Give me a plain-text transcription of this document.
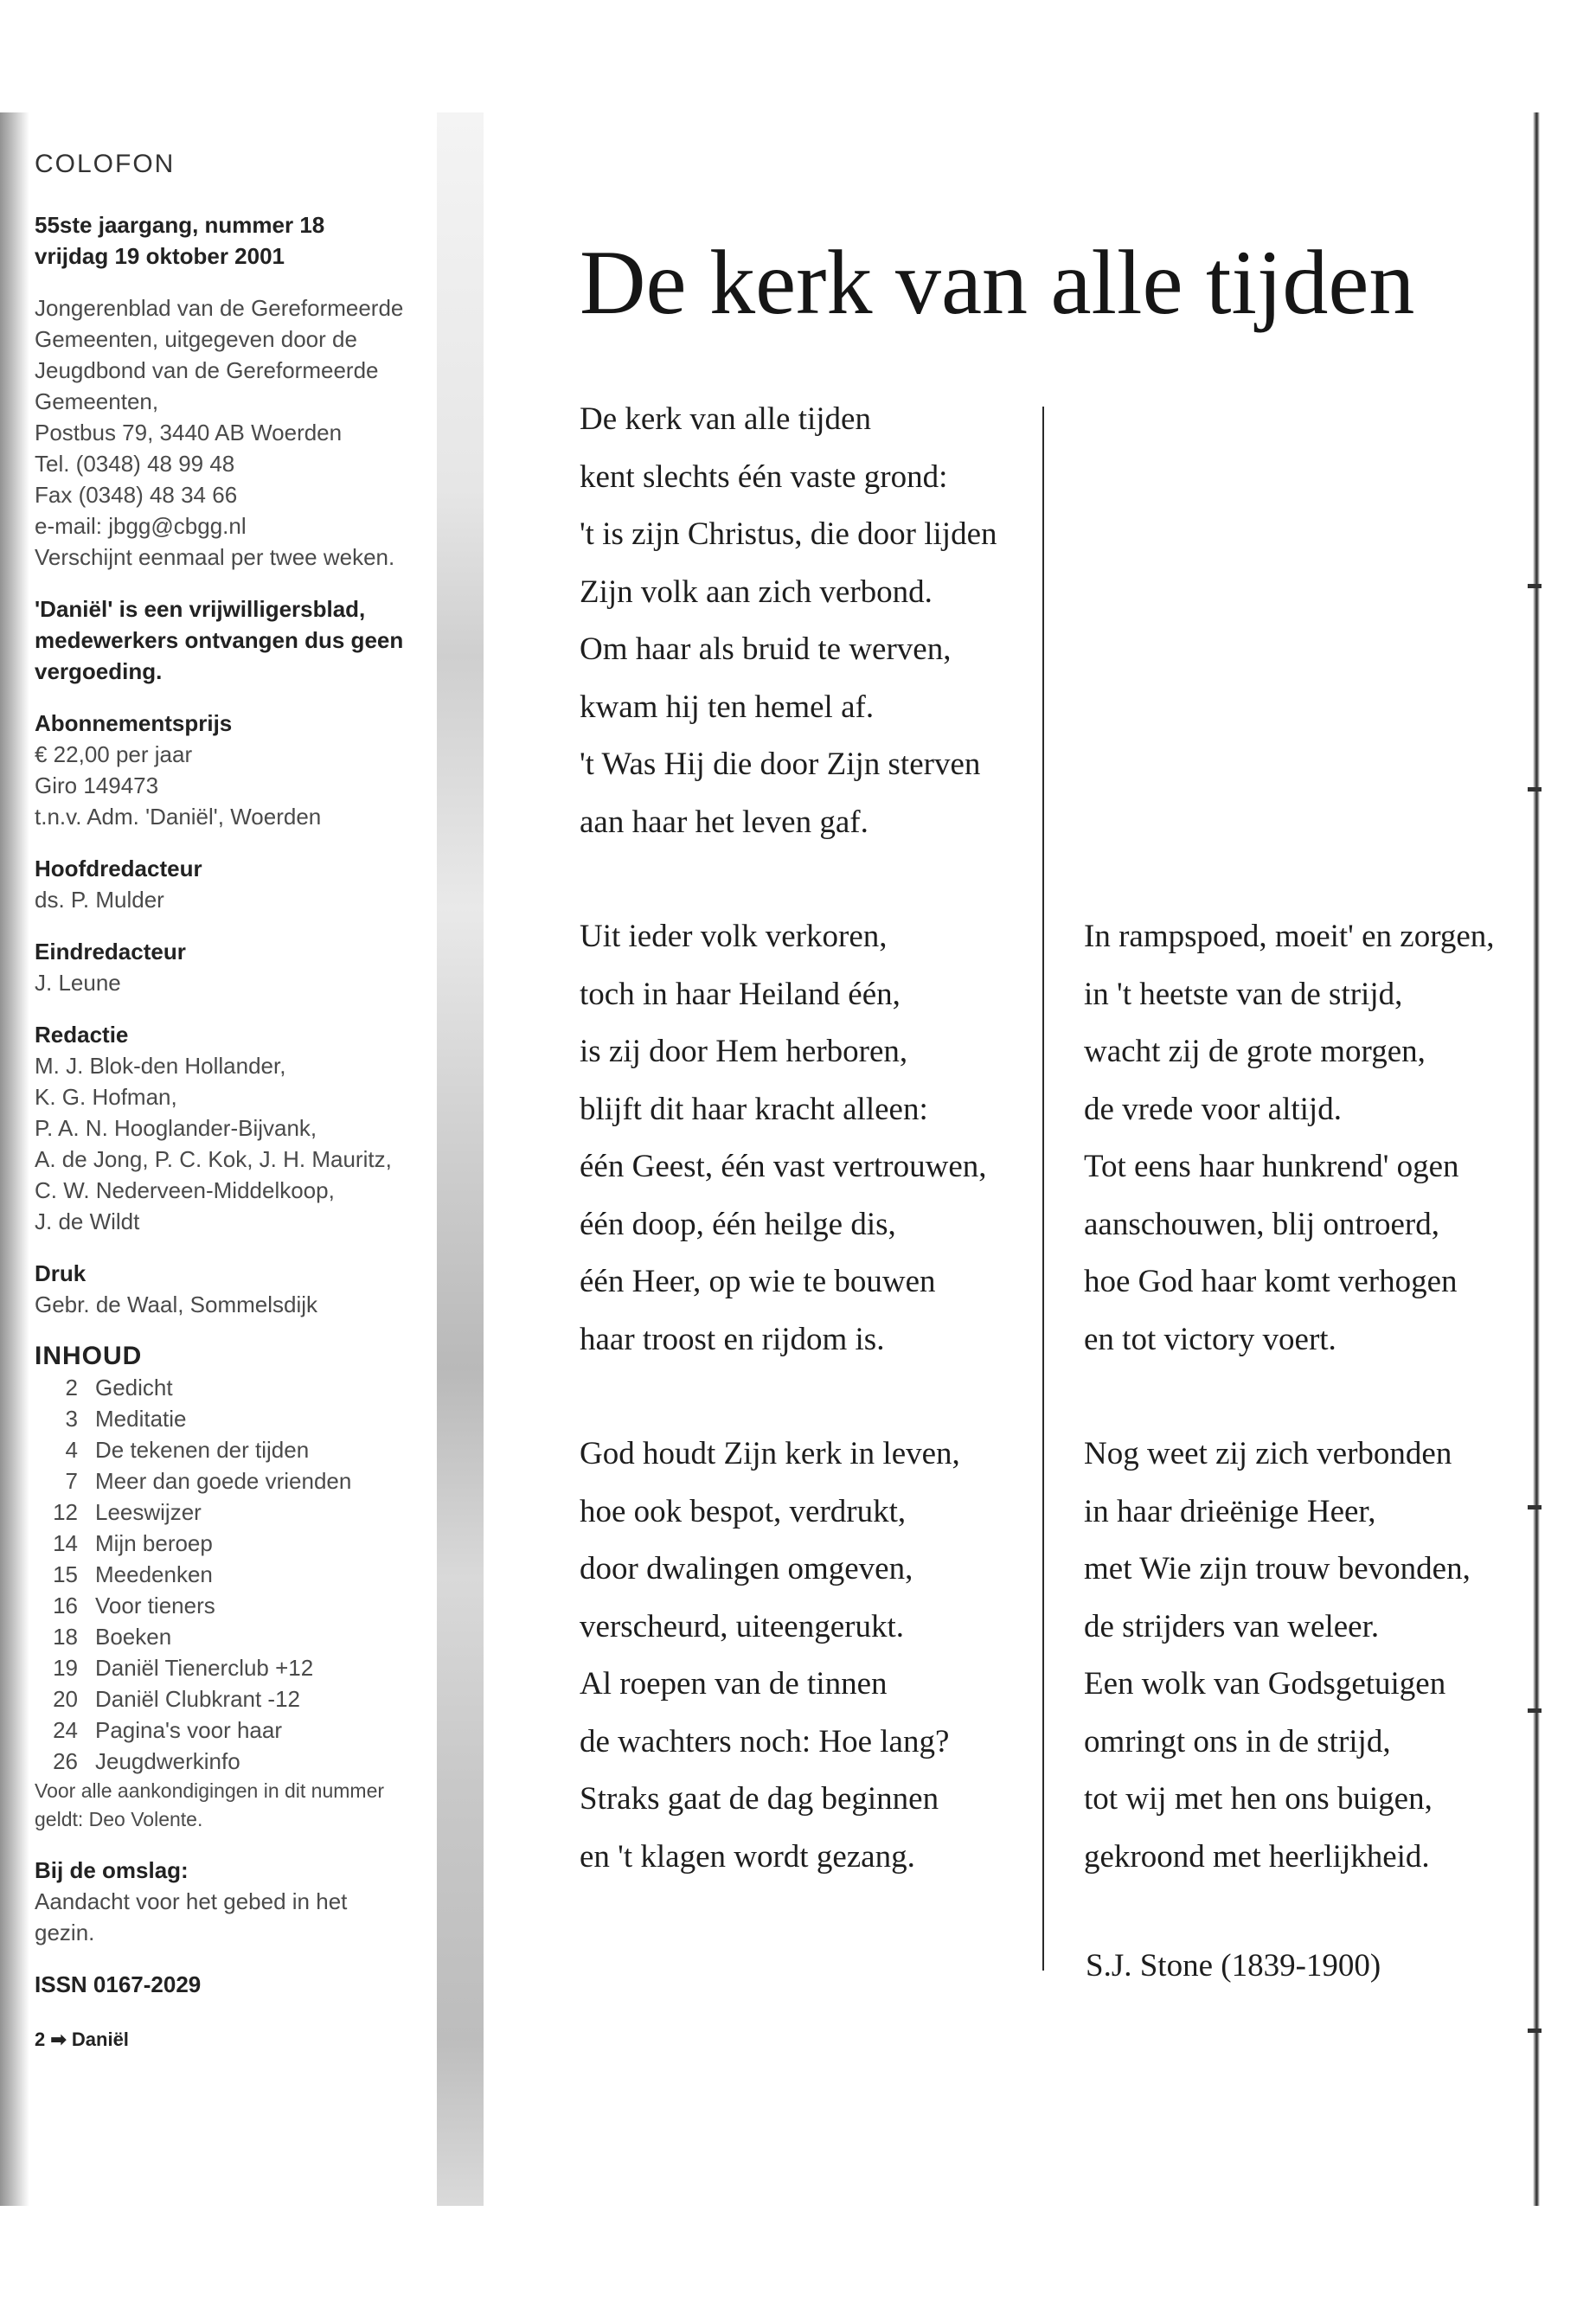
COLOFON
55ste jaargang, nummer 18
vrijdag 19 oktober 2001
Jongerenblad van de Gereformeerde
Gemeenten, uitgegeven door de
Jeugdbond van de Gereformeerde
Gemeenten,
Postbus 79, 3440 AB Woerden
Tel. (0348) 48 99 48
Fax (0348) 48 34 66
e-mail: jbgg@cbgg.nl
Verschijnt eenmaal per twee weken.
'Daniël' is een vrijwilligersblad,
medewerkers ontvangen dus geen
vergoeding.
Abonnementsprijs
€ 22,00 per jaar
Giro 149473
t.n.v. Adm. 'Daniël', Woerden
Hoofdredacteur
ds. P. Mulder
Eindredacteur
J. Leune
Redactie
M. J. Blok-den Hollander,
K. G. Hofman,
P. A. N. Hooglander-Bijvank,
A. de Jong, P. C. Kok, J. H. Mauritz,
C. W. Nederveen-Middelkoop,
J. de Wildt
Druk
Gebr. de Waal, Sommelsdijk
INHOUD
2 Gedicht
3 Meditatie
4 De tekenen der tijden
7 Meer dan goede vrienden
12 Leeswijzer
14 Mijn beroep
15 Meedenken
16 Voor tieners
18 Boeken
19 Daniël Tienerclub +12
20 Daniël Clubkrant -12
24 Pagina's voor haar
26 Jeugdwerkinfo
Voor alle aankondigingen in dit nummer
geldt: Deo Volente.
Bij de omslag:
Aandacht voor het gebed in het
gezin.
ISSN 0167-2029
2 ➡ Daniël
De kerk van alle tijden
De kerk van alle tijden
kent slechts één vaste grond:
't is zijn Christus, die door lijden
Zijn volk aan zich verbond.
Om haar als bruid te werven,
kwam hij ten hemel af.
't Was Hij die door Zijn sterven
aan haar het leven gaf.
Uit ieder volk verkoren,
toch in haar Heiland één,
is zij door Hem herboren,
blijft dit haar kracht alleen:
één Geest, één vast vertrouwen,
één doop, één heilge dis,
één Heer, op wie te bouwen
haar troost en rijdom is.
In rampspoed, moeit' en zorgen,
in 't heetste van de strijd,
wacht zij de grote morgen,
de vrede voor altijd.
Tot eens haar hunkrend' ogen
aanschouwen, blij ontroerd,
hoe God haar komt verhogen
en tot victory voert.
God houdt Zijn kerk in leven,
hoe ook bespot, verdrukt,
door dwalingen omgeven,
verscheurd, uiteengerukt.
Al roepen van de tinnen
de wachters noch: Hoe lang?
Straks gaat de dag beginnen
en 't klagen wordt gezang.
Nog weet zij zich verbonden
in haar drieënige Heer,
met Wie zijn trouw bevonden,
de strijders van weleer.
Een wolk van Godsgetuigen
omringt ons in de strijd,
tot wij met hen ons buigen,
gekroond met heerlijkheid.
S.J. Stone (1839-1900)
